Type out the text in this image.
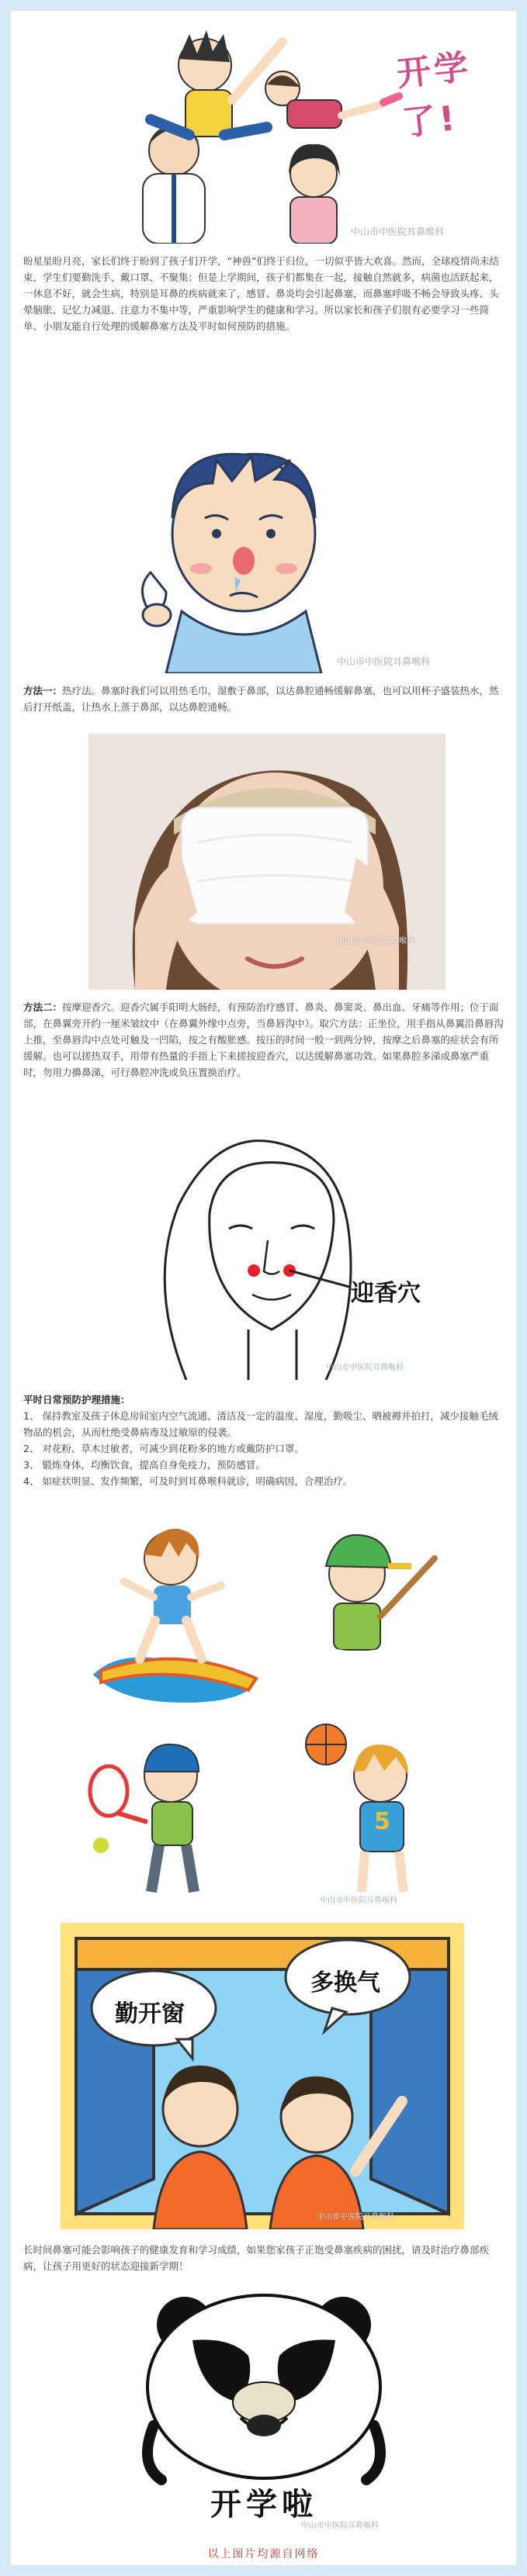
开学了!
中山市中医院耳鼻喉科

盼星星盼月亮，家长们终于盼到了孩子们开学，“神兽”们终于归位，一切似乎皆大欢喜。然而，全球疫情尚未结束，学生们要勤洗手、戴口罩、不聚集；但是上学期间，孩子们都集在一起，接触自然就多，病菌也活跃起来，一休息不好，就会生病，特别是耳鼻的疾病就来了，感冒、鼻炎均会引起鼻塞，而鼻塞呼吸不畅会导致头疼、头晕脑胀、记忆力减退、注意力不集中等，严重影响学生的健康和学习。所以家长和孩子们很有必要学习一些简单、小朋友能自行处理的缓解鼻塞方法及平时如何预防的措施。

中山市中医院耳鼻喉科

方法一：热疗法。鼻塞时我们可以用热毛巾，湿敷于鼻部，以达鼻腔通畅缓解鼻塞，也可以用杯子盛装热水，然后打开纸盖，让热水上蒸于鼻部，以达鼻腔通畅。

中山市中医院耳鼻喉科

方法二：按摩迎香穴。迎香穴属手阳明大肠经，有预防治疗感冒、鼻炎、鼻窦炎、鼻出血、牙痛等作用；位于面部，在鼻翼旁开约一厘米皱纹中（在鼻翼外缘中点旁，当鼻唇沟中）。取穴方法：正坐位，用手指从鼻翼沿鼻唇沟上推，至鼻唇沟中点处可触及一凹陷，按之有酸胀感。按压的时间一般一到两分钟，按摩之后鼻塞的症状会有所缓解。也可以搓热双手，用带有热量的手指上下来搓按迎香穴，以达缓解鼻塞功效。如果鼻腔多涕或鼻塞严重时，勿用力擤鼻涕，可行鼻腔冲洗或负压置换治疗。

迎香穴
中山市中医院耳鼻喉科
平时日常预防护理措施：
1、 保持教室及孩子休息房间室内空气流通、清洁及一定的温度、湿度，勤吸尘、晒被褥并拍打，减少接触毛绒物品的机会，从而杜绝受鼻病毒及过敏原的侵袭。
2、 对花粉、草木过敏者，可减少到花粉多的地方或戴防护口罩。
3、 锻炼身体，均衡饮食，提高自身免疫力，预防感冒。
4、 如症状明显、发作频繁，可及时到耳鼻喉科就诊，明确病因，合理治疗。
5
中山市中医院耳鼻喉科
勤开窗
多换气
中山市中医院耳鼻喉科

长时间鼻塞可能会影响孩子的健康发育和学习成绩，如果您家孩子正饱受鼻塞疾病的困扰，请及时治疗鼻部疾病，让孩子用更好的状态迎接新学期！

开学啦
中山市中医院耳鼻喉科
以上图片均源自网络
